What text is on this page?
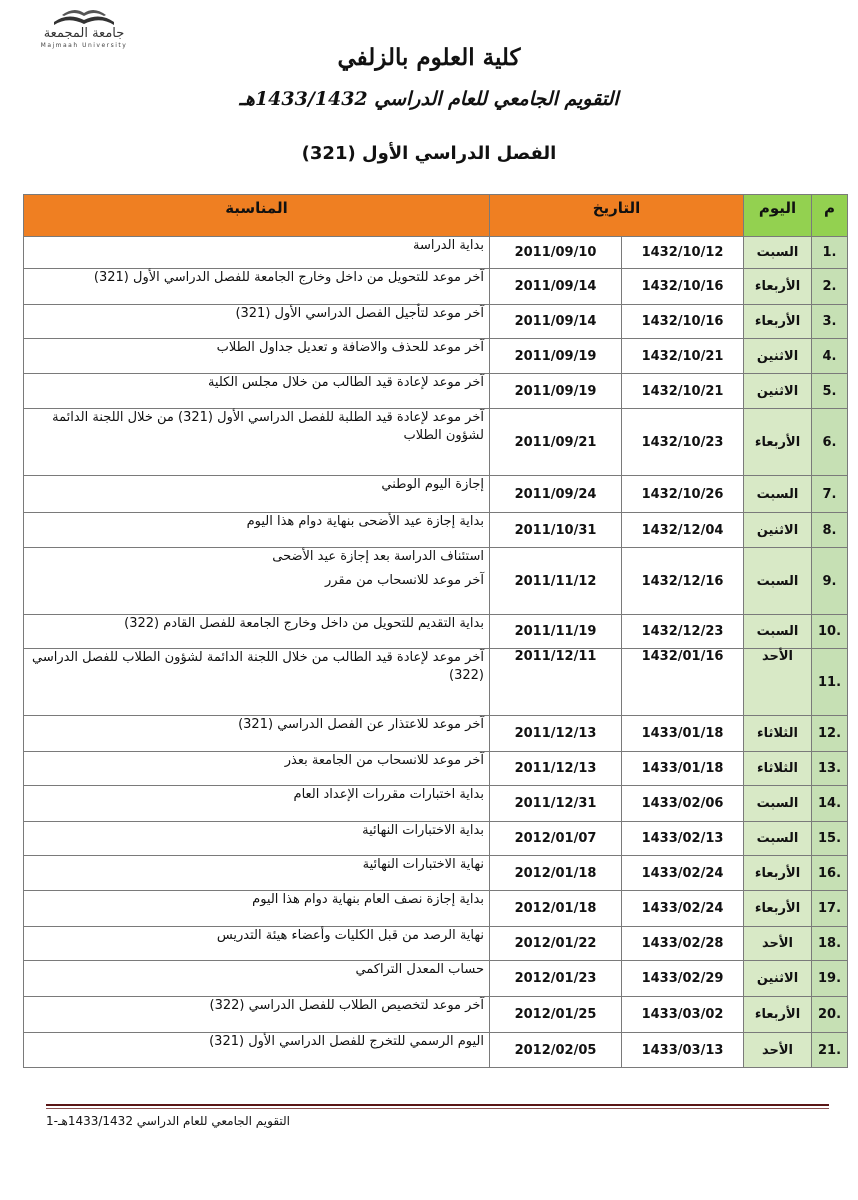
جامعة المجمعة
Majmaah University	كلية العلوم بالزلفي
التقويم الجامعي للعام الدراسي 1433/1432هـ
الفصل الدراسي الأول (321)
م	اليوم	التاريخ		المناسبة
.1	السبت	1432/10/12	2011/09/10	بداية الدراسة

.2	الأربعاء	1432/10/16	2011/09/14	آخر موعد للتحويل من داخل وخارج الجامعة للفصل الدراسي الأول (321)

.3	الأربعاء	1432/10/16	2011/09/14	آخر موعد لتأجيل الفصل الدراسي الأول (321)

.4	الاثنين	1432/10/21	2011/09/19	آخر موعد للحذف والاضافة و تعديل جداول الطلاب

.5	الاثنين	1432/10/21	2011/09/19	آخر موعد لإعادة قيد الطالب من خلال مجلس الكلية

.6	الأربعاء	1432/10/23	2011/09/21	آخر موعد لإعادة قيد الطلبة للفصل الدراسي الأول (321) من خلال اللجنة الدائمة لشؤون الطلاب

.7	السبت	1432/10/26	2011/09/24	إجازة اليوم الوطني

.8	الاثنين	1432/12/04	2011/10/31	بداية إجازة عيد الأضحى بنهاية دوام هذا اليوم

.9	السبت	1432/12/16	2011/11/12	استئناف الدراسة بعد إجازة عيد الأضحى
آخر موعد للانسحاب من مقرر

.10	السبت	1432/12/23	2011/11/19	بداية التقديم للتحويل من داخل وخارج الجامعة للفصل القادم (322)

.11	الأحد	1432/01/16	2011/12/11	آخر موعد لإعادة قيد الطالب من خلال اللجنة الدائمة لشؤون الطلاب للفصل الدراسي (322)

.12	الثلاثاء	1433/01/18	2011/12/13	آخر موعد للاعتذار عن الفصل الدراسي (321)

.13	الثلاثاء	1433/01/18	2011/12/13	آخر موعد للانسحاب من الجامعة بعذر

.14	السبت	1433/02/06	2011/12/31	بداية اختبارات مقررات الإعداد العام

.15	السبت	1433/02/13	2012/01/07	بداية الاختبارات النهائية

.16	الأربعاء	1433/02/24	2012/01/18	نهاية الاختبارات النهائية

.17	الأربعاء	1433/02/24	2012/01/18	بداية إجازة نصف العام بنهاية دوام هذا اليوم

.18	الأحد	1433/02/28	2012/01/22	نهاية الرصد من قبل الكليات وأعضاء هيئة التدريس

.19	الاثنين	1433/02/29	2012/01/23	حساب المعدل التراكمي

.20	الأربعاء	1433/03/02	2012/01/25	آخر موعد لتخصيص الطلاب للفصل الدراسي (322)

.21	الأحد	1433/03/13	2012/02/05	اليوم الرسمي للتخرج للفصل الدراسي الأول (321)
التقويم الجامعي للعام الدراسي 1433/1432هـ-1
